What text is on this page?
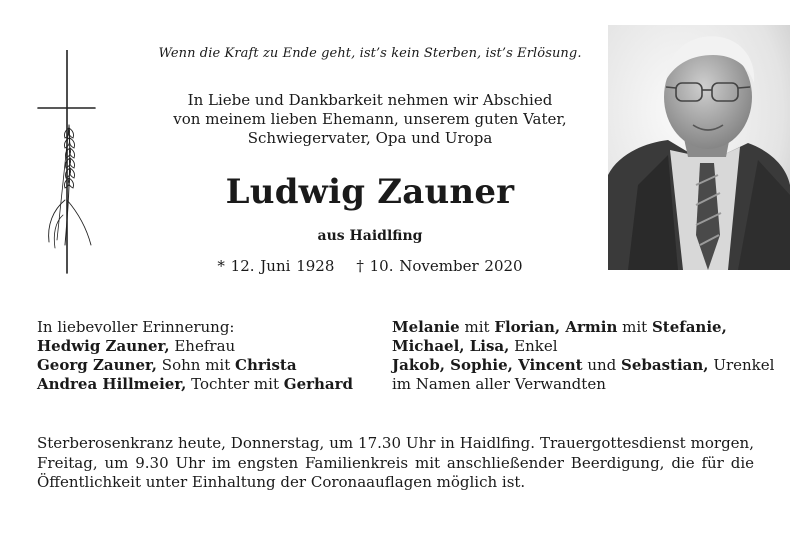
Wenn die Kraft zu Ende geht, ist’s kein Sterben, ist’s Erlösung.
In Liebe und Dankbarkeit nehmen wir Abschied
von meinem lieben Ehemann, unserem guten Vater,
Schwiegervater, Opa und Uropa
Ludwig Zauner
aus Haidlfing
* 12. Juni 1928 † 10. November 2020
In liebevoller Erinnerung:
Hedwig Zauner, Ehefrau
Georg Zauner, Sohn mit Christa
Andrea Hillmeier, Tochter mit Gerhard
Melanie mit Florian, Armin mit Stefanie,
Michael, Lisa, Enkel
Jakob, Sophie, Vincent und Sebastian, Urenkel
im Namen aller Verwandten
Sterberosenkranz heute, Donnerstag, um 17.30 Uhr in Haidlfing. Trauergottesdienst morgen, Freitag, um 9.30 Uhr im engsten Familienkreis mit anschließender Beerdigung, die für die Öffentlichkeit unter Einhaltung der Coronaauflagen möglich ist.
